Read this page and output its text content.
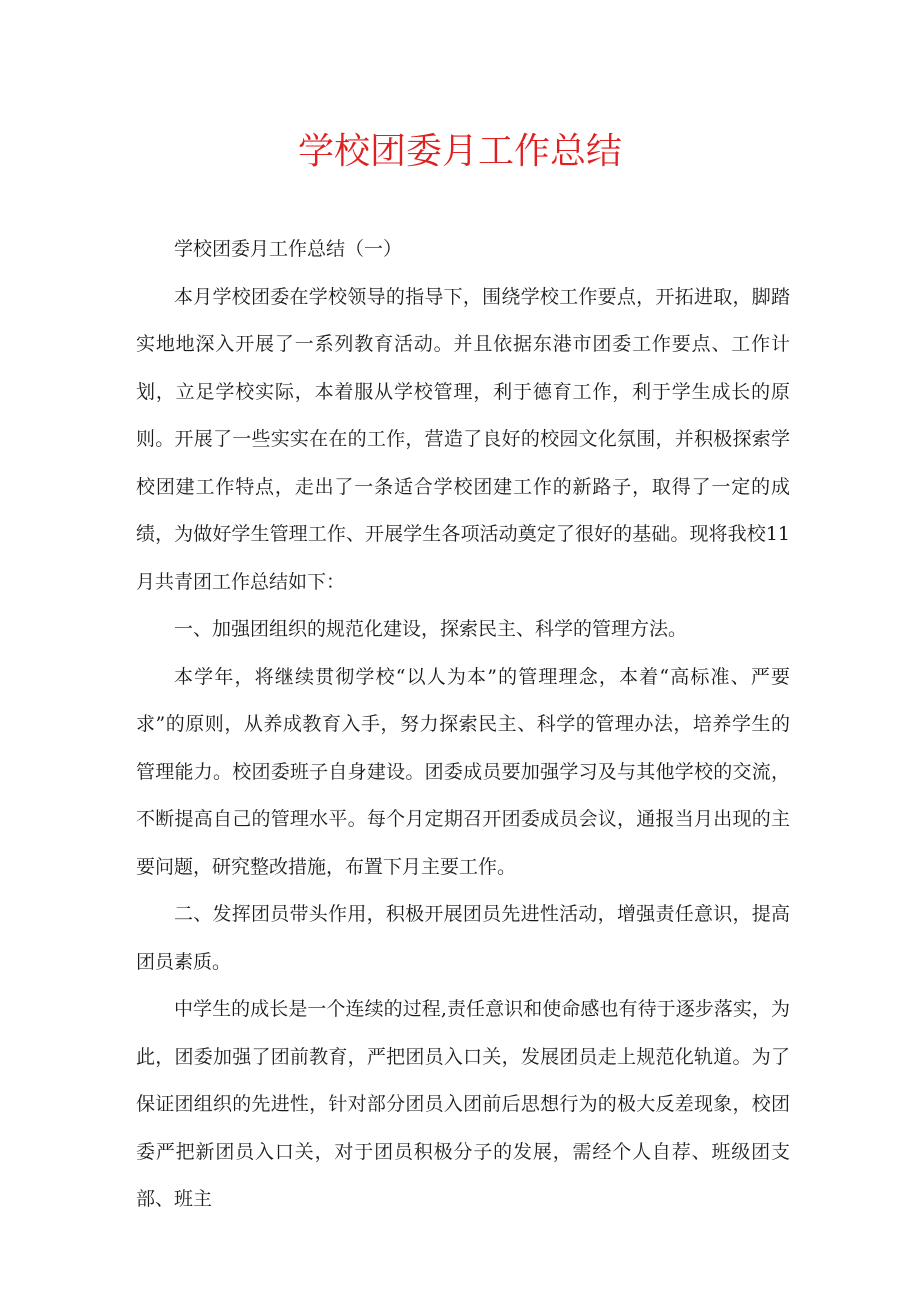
学校团委月工作总结

学校团委月工作总结（一）

本月学校团委在学校领导的指导下，围绕学校工作要点，开拓进取，脚踏实地地深入开展了一系列教育活动。并且依据东港市团委工作要点、工作计划，立足学校实际，本着服从学校管理，利于德育工作，利于学生成长的原则。开展了一些实实在在的工作，营造了良好的校园文化氛围，并积极探索学校团建工作特点，走出了一条适合学校团建工作的新路子，取得了一定的成绩，为做好学生管理工作、开展学生各项活动奠定了很好的基础。现将我校11月共青团工作总结如下：

一、加强团组织的规范化建设，探索民主、科学的管理方法。

本学年，将继续贯彻学校“以人为本”的管理理念，本着“高标准、严要求”的原则，从养成教育入手，努力探索民主、科学的管理办法，培养学生的管理能力。校团委班子自身建设。团委成员要加强学习及与其他学校的交流，不断提高自己的管理水平。每个月定期召开团委成员会议，通报当月出现的主要问题，研究整改措施，布置下月主要工作。

二、发挥团员带头作用，积极开展团员先进性活动，增强责任意识，提高团员素质。

中学生的成长是一个连续的过程,责任意识和使命感也有待于逐步落实，为此，团委加强了团前教育，严把团员入口关，发展团员走上规范化轨道。为了保证团组织的先进性，针对部分团员入团前后思想行为的极大反差现象，校团委严把新团员入口关，对于团员积极分子的发展，需经个人自荐、班级团支部、班主
